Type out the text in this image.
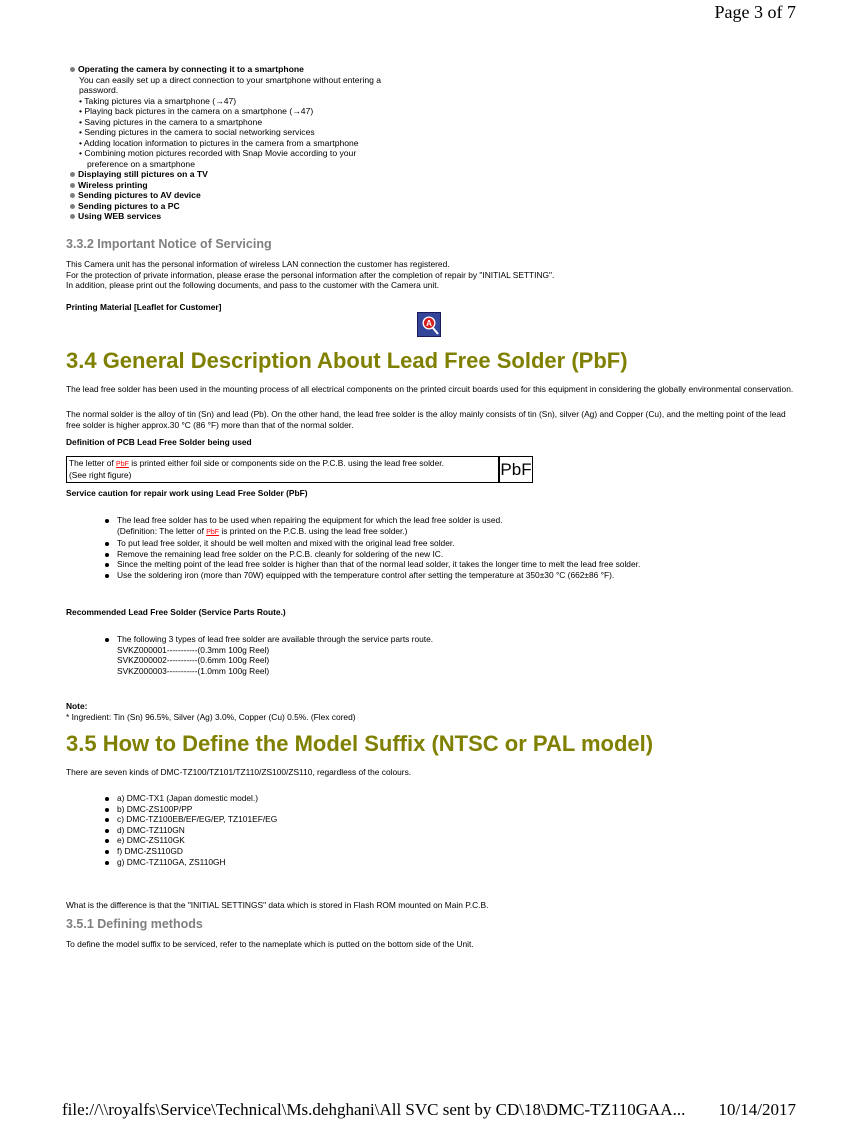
Page 3 of 7
Operating the camera by connecting it to a smartphone
You can easily set up a direct connection to your smartphone without entering a
password.
• Taking pictures via a smartphone (→47)
• Playing back pictures in the camera on a smartphone (→47)
• Saving pictures in the camera to a smartphone
• Sending pictures in the camera to social networking services
• Adding location information to pictures in the camera from a smartphone
• Combining motion pictures recorded with Snap Movie according to your
preference on a smartphone
Displaying still pictures on a TV
Wireless printing
Sending pictures to AV device
Sending pictures to a PC
Using WEB services
3.3.2 Important Notice of Servicing
This Camera unit has the personal information of wireless LAN connection the customer has registered.
For the protection of private information, please erase the personal information after the completion of repair by "INITIAL SETTING".
In addition, please print out the following documents, and pass to the customer with the Camera unit.
Printing Material [Leaflet for Customer]
A
3.4 General Description About Lead Free Solder (PbF)
The lead free solder has been used in the mounting process of all electrical components on the printed circuit boards used for this equipment in considering the globally environmental conservation.
The normal solder is the alloy of tin (Sn) and lead (Pb). On the other hand, the lead free solder is the alloy mainly consists of tin (Sn), silver (Ag) and Copper (Cu), and the melting point of the lead free solder is higher approx.30 °C (86 °F) more than that of the normal solder.
Definition of PCB Lead Free Solder being used
The letter of PbF is printed either foil side or components side on the P.C.B. using the lead free solder.
(See right figure)	PbF
Service caution for repair work using Lead Free Solder (PbF)
The lead free solder has to be used when repairing the equipment for which the lead free solder is used.
(Definition: The letter of PbF is printed on the P.C.B. using the lead free solder.)
To put lead free solder, it should be well molten and mixed with the original lead free solder.
Remove the remaining lead free solder on the P.C.B. cleanly for soldering of the new IC.
Since the melting point of the lead free solder is higher than that of the normal lead solder, it takes the longer time to melt the lead free solder.
Use the soldering iron (more than 70W) equipped with the temperature control after setting the temperature at 350±30 °C (662±86 °F).
Recommended Lead Free Solder (Service Parts Route.)
The following 3 types of lead free solder are available through the service parts route.
SVKZ000001-----------(0.3mm 100g Reel)
SVKZ000002-----------(0.6mm 100g Reel)
SVKZ000003-----------(1.0mm 100g Reel)
Note:
* Ingredient: Tin (Sn) 96.5%, Silver (Ag) 3.0%, Copper (Cu) 0.5%. (Flex cored)
3.5 How to Define the Model Suffix (NTSC or PAL model)
There are seven kinds of DMC-TZ100/TZ101/TZ110/ZS100/ZS110, regardless of the colours.
a) DMC-TX1 (Japan domestic model.)
b) DMC-ZS100P/PP
c) DMC-TZ100EB/EF/EG/EP, TZ101EF/EG
d) DMC-TZ110GN
e) DMC-ZS110GK
f) DMC-ZS110GD
g) DMC-TZ110GA, ZS110GH
What is the difference is that the "INITIAL SETTINGS" data which is stored in Flash ROM mounted on Main P.C.B.
3.5.1 Defining methods
To define the model suffix to be serviced, refer to the nameplate which is putted on the bottom side of the Unit.
file://\\royalfs\Service\Technical\Ms.dehghani\All SVC sent by CD\18\DMC-TZ110GAA... 10/14/2017
